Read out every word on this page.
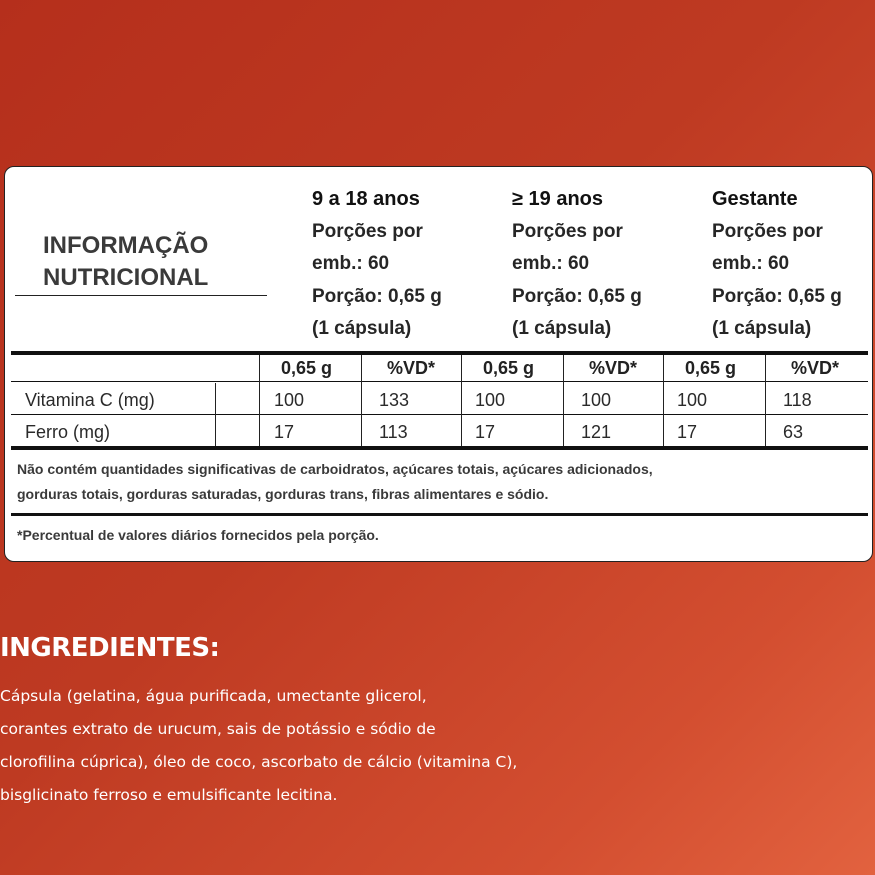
INFORMAÇÃO
NUTRICIONAL
9 a 18 anos
Porções por
emb.: 60
Porção: 0,65 g
(1 cápsula)
≥ 19 anos
Porções por
emb.: 60
Porção: 0,65 g
(1 cápsula)
Gestante
Porções por
emb.: 60
Porção: 0,65 g
(1 cápsula)
0,65 g	%VD*	0,65 g	%VD*	0,65 g	%VD*
Vitamina C (mg)	100	133	100	100	100	118
Ferro (mg)	17	113	17	121	17	63
Não contém quantidades significativas de carboidratos, açúcares totais, açúcares adicionados,
gorduras totais, gorduras saturadas, gorduras trans, fibras alimentares e sódio.
*Percentual de valores diários fornecidos pela porção.
INGREDIENTES:
Cápsula (gelatina, água purificada, umectante glicerol,
corantes extrato de urucum, sais de potássio e sódio de
clorofilina cúprica), óleo de coco, ascorbato de cálcio (vitamina C),
bisglicinato ferroso e emulsificante lecitina.
